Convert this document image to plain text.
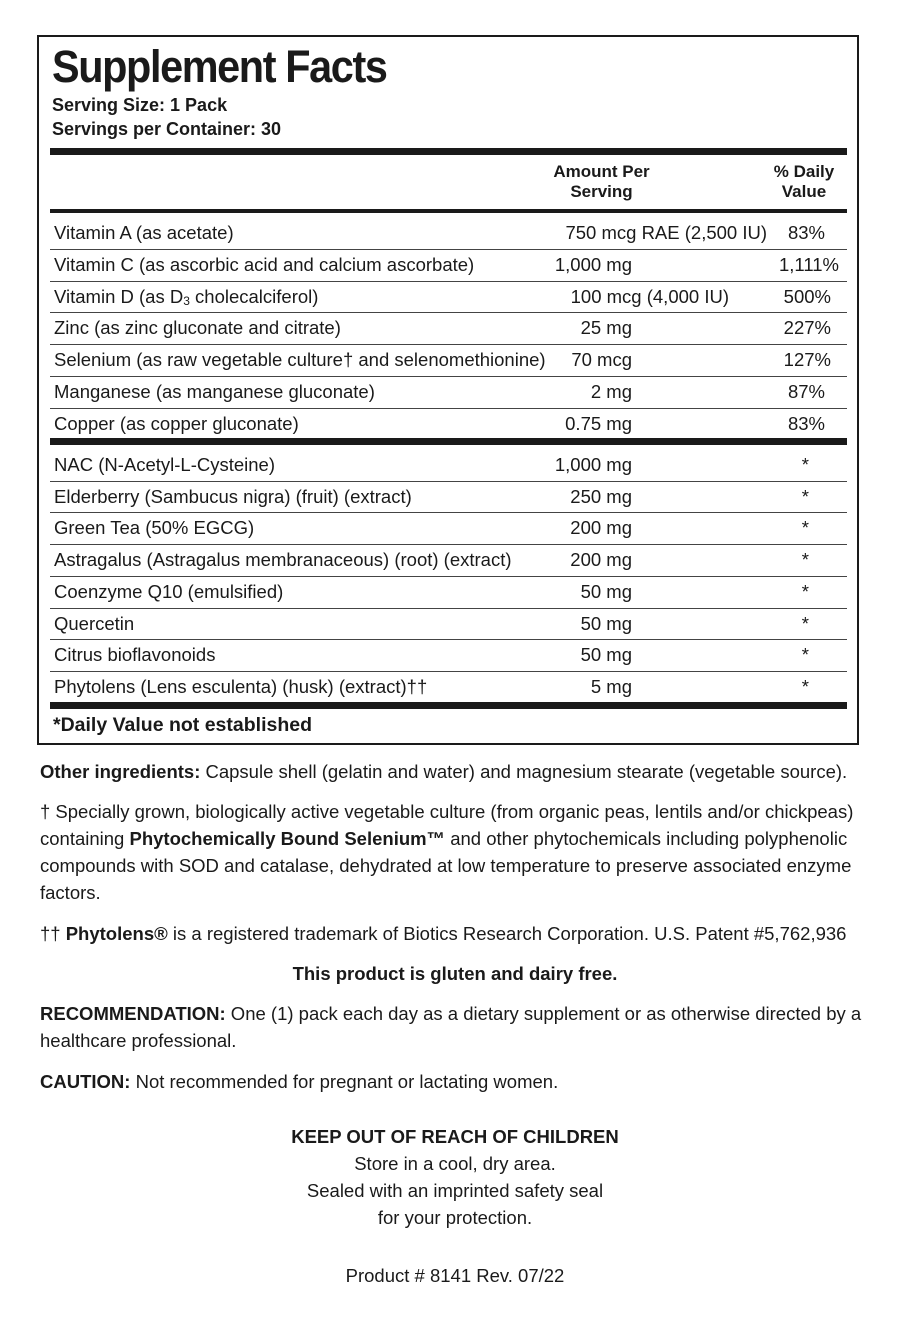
Supplement Facts
Serving Size: 1 Pack
Servings per Container: 30
Amount Per
Serving
% Daily
Value
Vitamin A (as acetate)	750 mcg RAE (2,500 IU) 83%
Vitamin C (as ascorbic acid and calcium ascorbate)	1,000 mg	1,111%
Vitamin D (as $D_3$ cholecalciferol)	100 mcg (4,000 IU)	500%
Zinc (as zinc gluconate and citrate)	25 mg	227%
Selenium (as raw vegetable culture† and selenomethionine) 70 mcg	127%
Manganese (as manganese gluconate)	2 mg	87%
Copper (as copper gluconate)	0.75 mg	83%
NAC (N-Acetyl-L-Cysteine)	1,000 mg	*
Elderberry (Sambucus nigra) (fruit) (extract)	250 mg	*
Green Tea (50% EGCG)	200 mg	*
Astragalus (Astragalus membranaceous) (root) (extract)	200 mg	*
Coenzyme Q10 (emulsified)	50 mg	*
Quercetin	50 mg	*
Citrus bioflavonoids	50 mg	*
Phytolens (Lens esculenta) (husk) (extract)††	5 mg	*
*Daily Value not established
Other ingredients: Capsule shell (gelatin and water) and magnesium stearate (vegetable source).
† Specially grown, biologically active vegetable culture (from organic peas, lentils and/or chickpeas) containing Phytochemically Bound Selenium™ and other phytochemicals including polyphenolic compounds with SOD and catalase, dehydrated at low temperature to preserve associated enzyme factors.
†† Phytolens® is a registered trademark of Biotics Research Corporation. U.S. Patent #5,762,936
This product is gluten and dairy free.
RECOMMENDATION: One (1) pack each day as a dietary supplement or as otherwise directed by a healthcare professional.
CAUTION: Not recommended for pregnant or lactating women.
KEEP OUT OF REACH OF CHILDREN
Store in a cool, dry area.
Sealed with an imprinted safety seal
for your protection.
Product # 8141 Rev. 07/22
